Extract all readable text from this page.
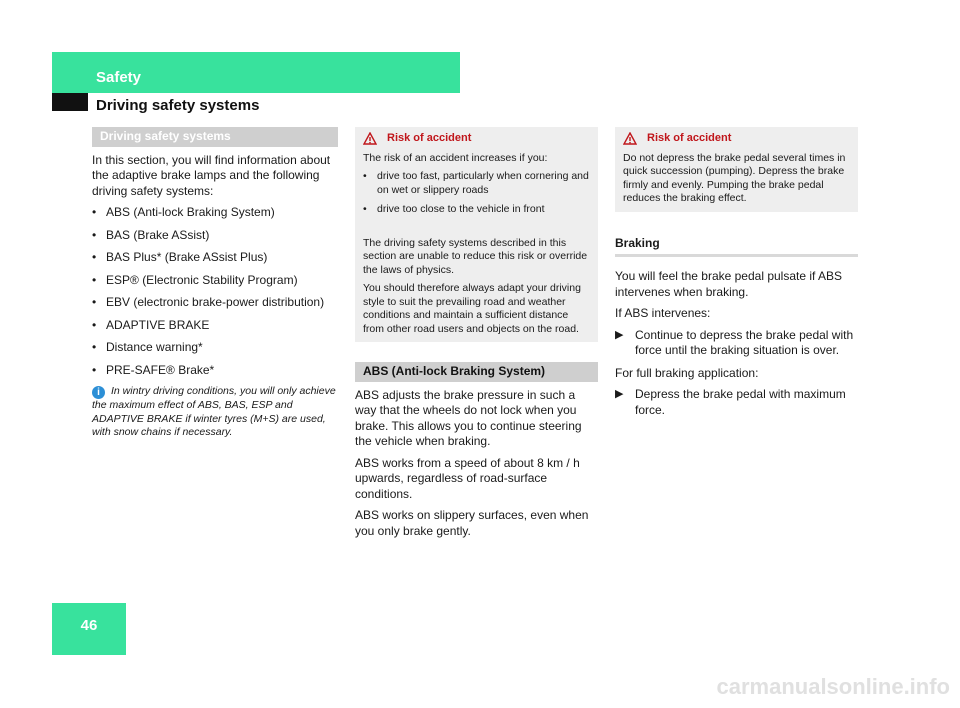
Safety
Driving safety systems
Driving safety systems

In this section, you will find information about the adaptive brake lamps and the following driving safety systems:

• ABS (Anti-lock Braking System)
• BAS (Brake ASsist)
• BAS Plus* (Brake ASsist Plus)
• ESP® (Electronic Stability Program)
• EBV (electronic brake-power distribution)
• ADAPTIVE BRAKE
• Distance warning*
• PRE-SAFE® Brake*
i In wintry driving conditions, you will only achieve the maximum effect of ABS, BAS, ESP and ADAPTIVE BRAKE if winter tyres (M+S) are used, with snow chains if necessary.
Risk of accident

The risk of an accident increases if you:

• drive too fast, particularly when cornering and on wet or slippery roads
• drive too close to the vehicle in front

The driving safety systems described in this section are unable to reduce this risk or override the laws of physics.

You should therefore always adapt your driving style to suit the prevailing road and weather conditions and maintain a sufficient distance from other road users and objects on the road.

ABS (Anti-lock Braking System)

ABS adjusts the brake pressure in such a way that the wheels do not lock when you brake. This allows you to continue steering the vehicle when braking.

ABS works from a speed of about 8 km / h upwards, regardless of road-surface conditions.

ABS works on slippery surfaces, even when you only brake gently.

Risk of accident

Do not depress the brake pedal several times in quick succession (pumping). Depress the brake firmly and evenly. Pumping the brake pedal reduces the braking effect.

Braking

You will feel the brake pedal pulsate if ABS intervenes when braking.

If ABS intervenes:

▶ Continue to depress the brake pedal with force until the braking situation is over.

For full braking application:

▶ Depress the brake pedal with maximum force.
46
carmanualsonline.info
